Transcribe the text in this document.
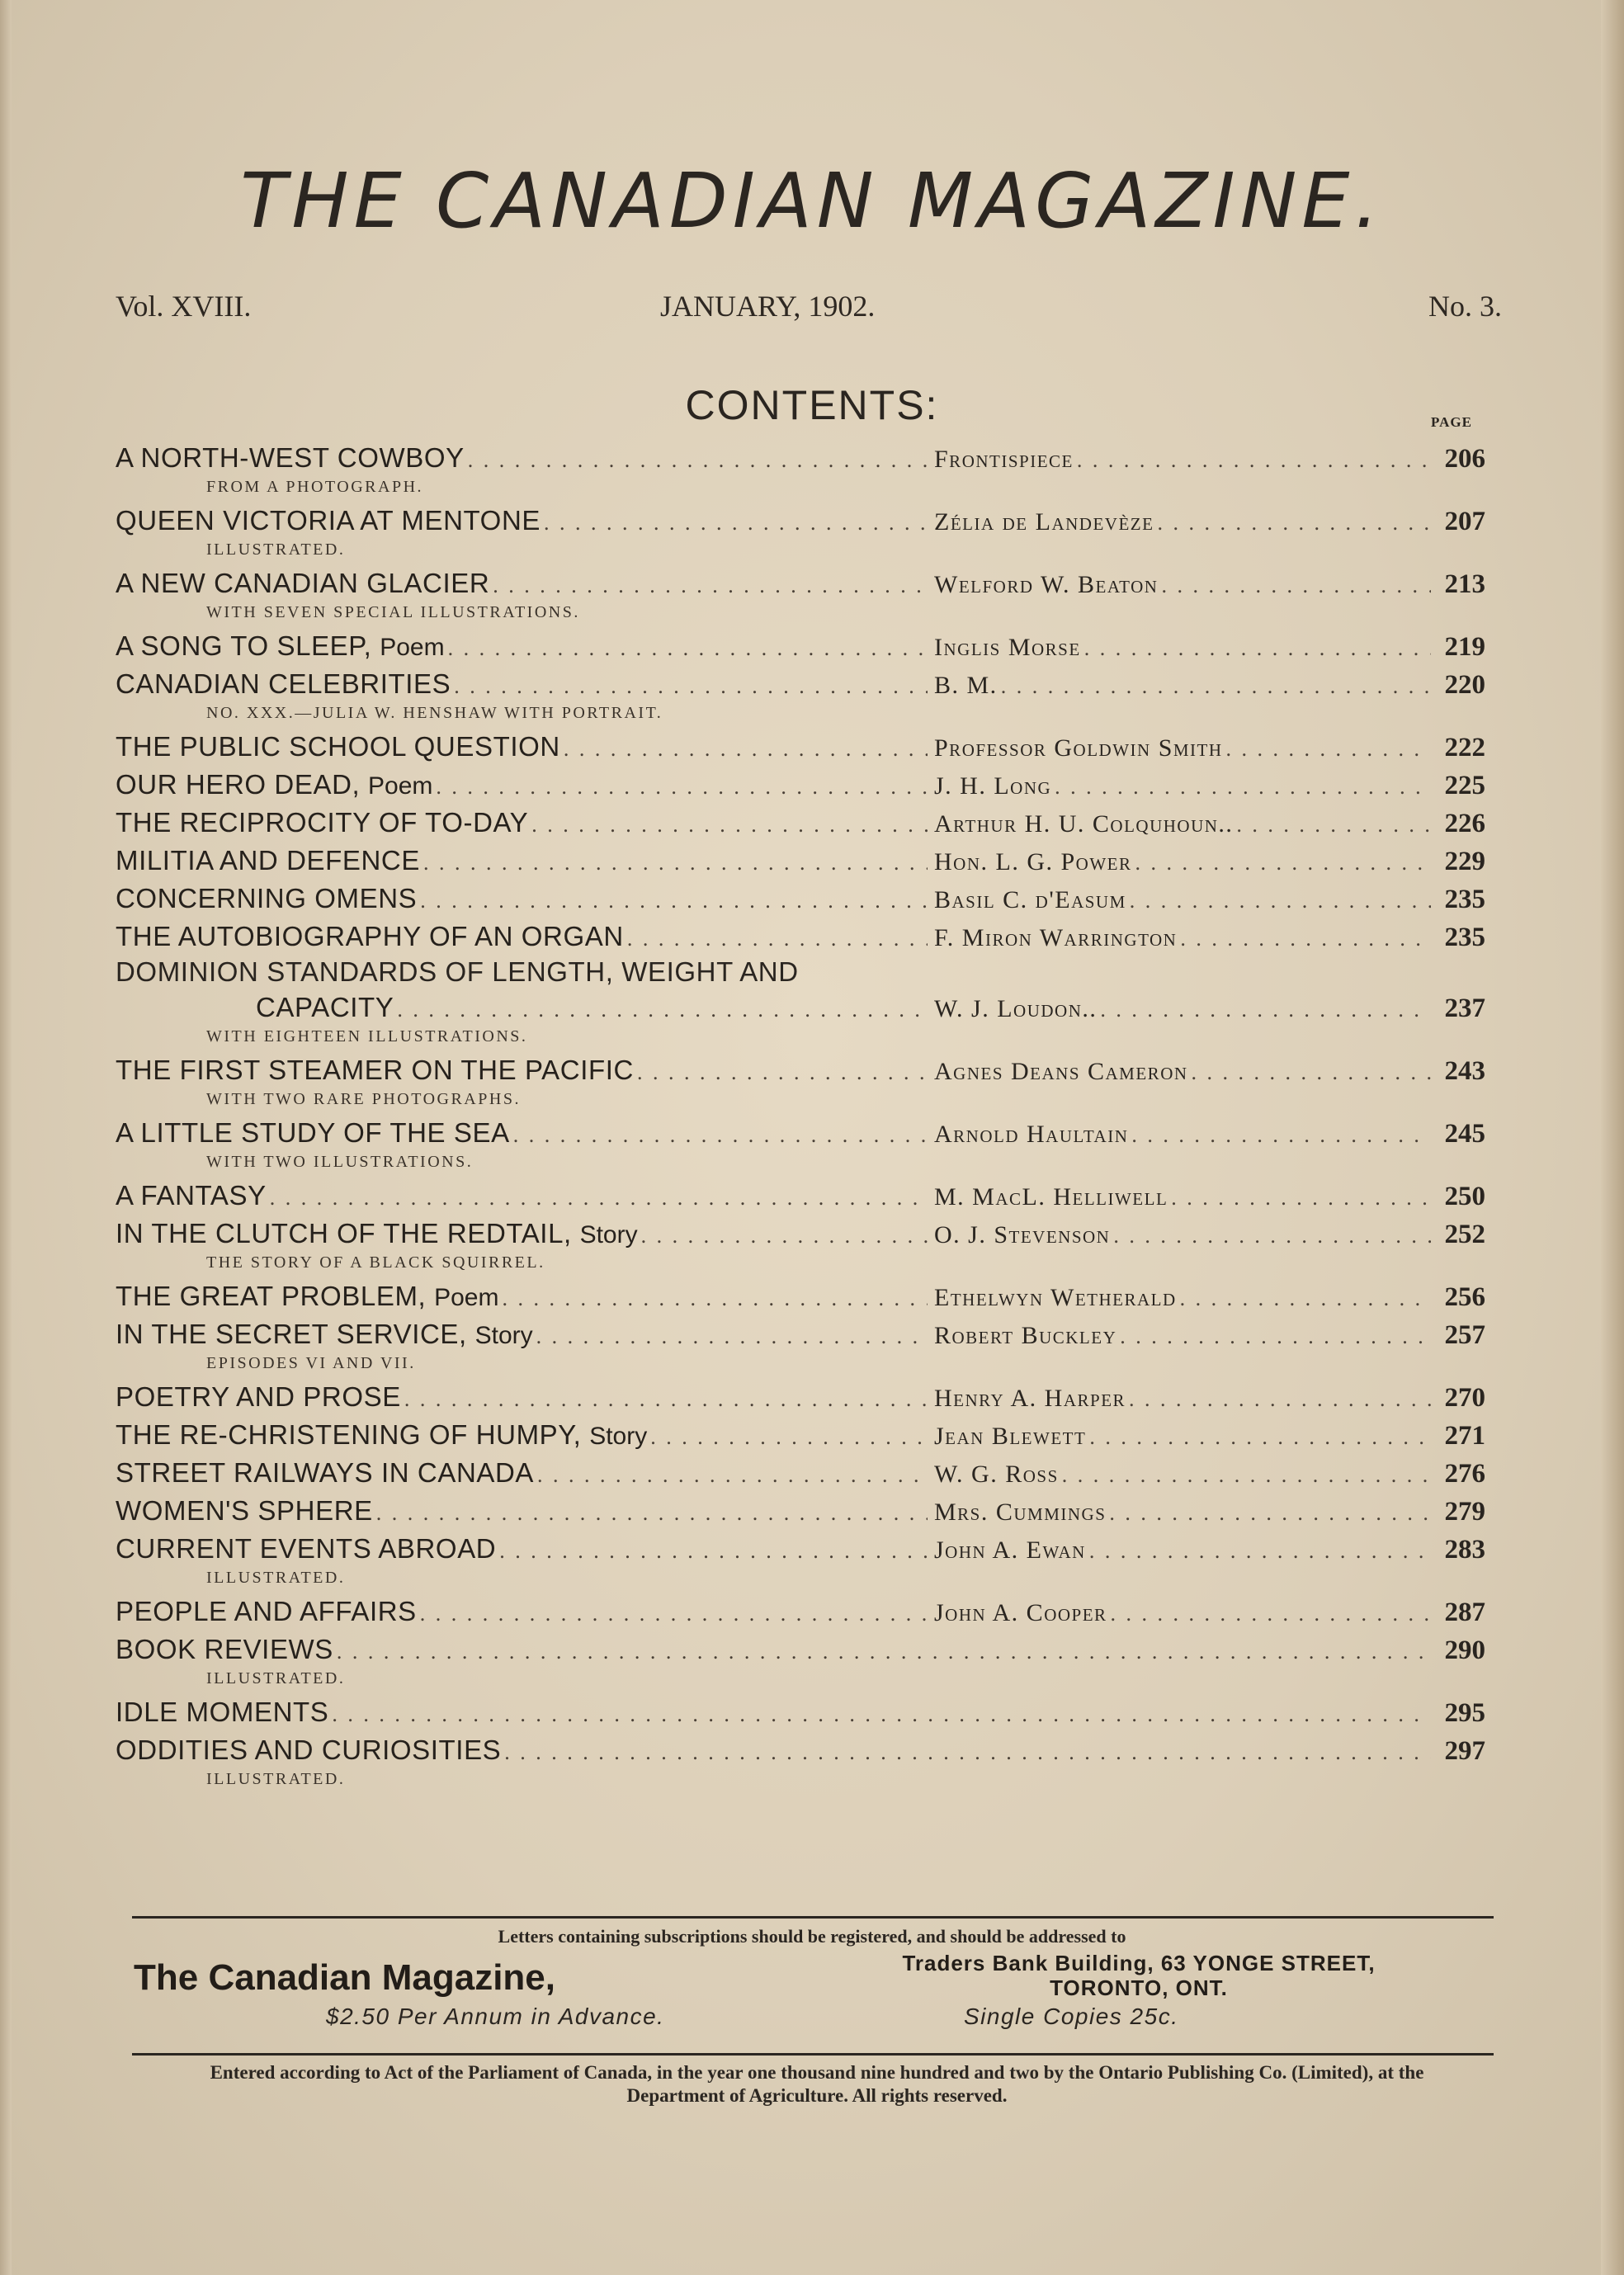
THE CANADIAN MAGAZINE.
Vol. XVIII.	JANUARY, 1902.	No. 3.
CONTENTS:	PAGE
A NORTH-WEST COWBOY . . .	Frontispiece . . .	206
FROM A PHOTOGRAPH.
QUEEN VICTORIA AT MENTONE . . .	Zélia de Landevèze . . .	207
ILLUSTRATED.
A NEW CANADIAN GLACIER . . .	Welford W. Beaton . . .	213
WITH SEVEN SPECIAL ILLUSTRATIONS.
A SONG TO SLEEP, Poem . . .	Inglis Morse . . .	219
CANADIAN CELEBRITIES . . .	B. M. . . .	220
NO. XXX.—JULIA W. HENSHAW WITH PORTRAIT.
THE PUBLIC SCHOOL QUESTION . . .	Professor Goldwin Smith . . .	222
OUR HERO DEAD, Poem . . .	J. H. Long . . .	225
THE RECIPROCITY OF TO-DAY . . .	Arthur H. U. Colquhoun.. . . .	226
MILITIA AND DEFENCE . . .	Hon. L. G. Power . . .	229
CONCERNING OMENS . . .	Basil C. d'Easum . . .	235
THE AUTOBIOGRAPHY OF AN ORGAN . . .	F. Miron Warrington . . .	235
DOMINION STANDARDS OF LENGTH, WEIGHT AND
CAPACITY . . .	W. J. Loudon.. . . .	237
WITH EIGHTEEN ILLUSTRATIONS.
THE FIRST STEAMER ON THE PACIFIC . . .	Agnes Deans Cameron . . .	243
WITH TWO RARE PHOTOGRAPHS.
A LITTLE STUDY OF THE SEA . . .	Arnold Haultain . . .	245
WITH TWO ILLUSTRATIONS.
A FANTASY . . .	M. MacL. Helliwell . . .	250
IN THE CLUTCH OF THE REDTAIL, Story . . .	O. J. Stevenson . . .	252
THE STORY OF A BLACK SQUIRREL.
THE GREAT PROBLEM, Poem . . .	Ethelwyn Wetherald . . .	256
IN THE SECRET SERVICE, Story . . .	Robert Buckley . . .	257
EPISODES VI AND VII.
POETRY AND PROSE . . .	Henry A. Harper . . .	270
THE RE-CHRISTENING OF HUMPY, Story . . .	Jean Blewett . . .	271
STREET RAILWAYS IN CANADA . . .	W. G. Ross . . .	276
WOMEN'S SPHERE . . .	Mrs. Cummings . . .	279
CURRENT EVENTS ABROAD . . .	John A. Ewan . . .	283
ILLUSTRATED.
PEOPLE AND AFFAIRS . . .	John A. Cooper . . .	287
BOOK REVIEWS . . .	290
ILLUSTRATED.
IDLE MOMENTS . . .	295
ODDITIES AND CURIOSITIES . . .	297
ILLUSTRATED.
Letters containing subscriptions should be registered, and should be addressed to
The Canadian Magazine,	Traders Bank Building, 63 YONGE STREET,
TORONTO, ONT.
$2.50 Per Annum in Advance.	Single Copies 25c.
Entered according to Act of the Parliament of Canada, in the year one thousand nine hundred and two by the Ontario Publishing Co. (Limited), at the Department of Agriculture. All rights reserved.
